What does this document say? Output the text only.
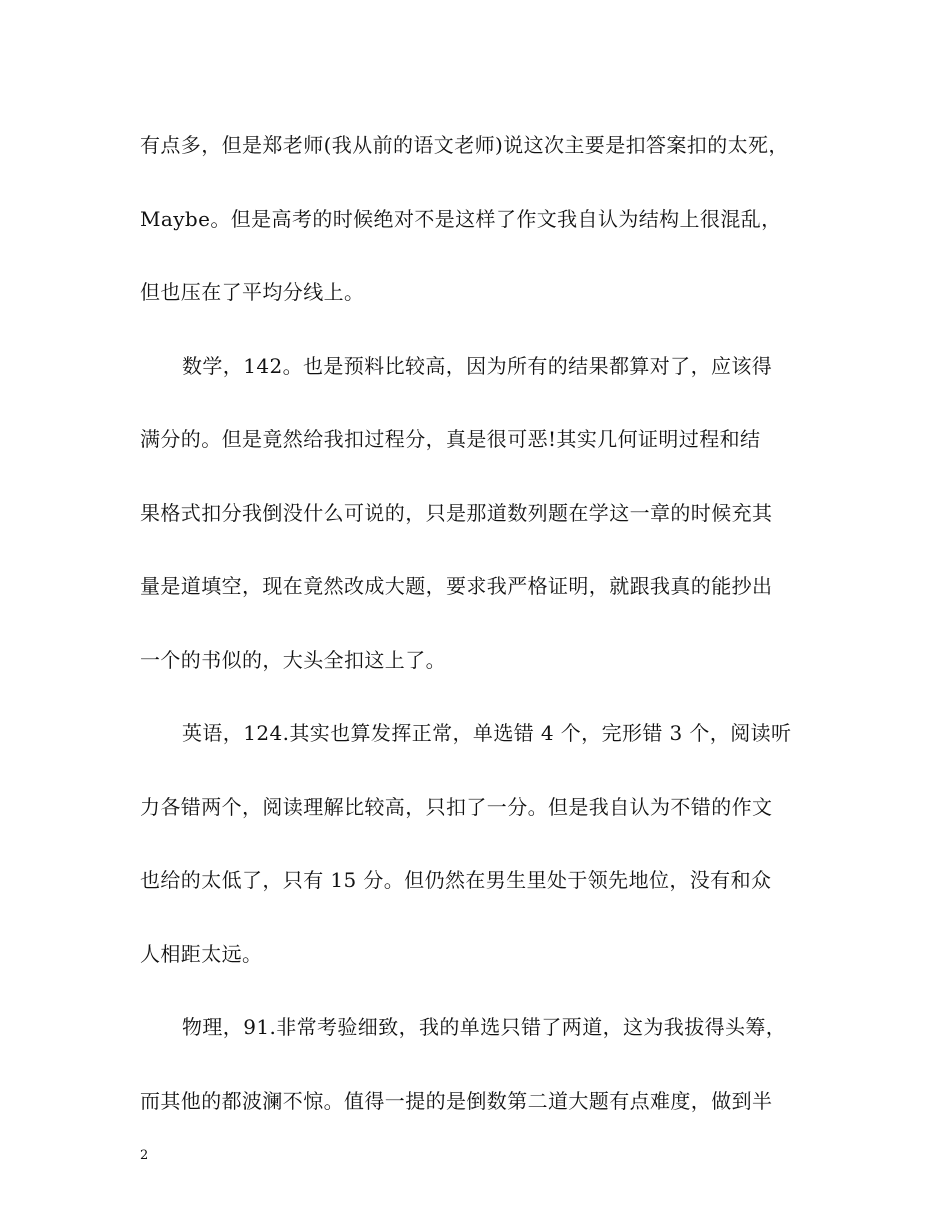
有点多，但是郑老师(我从前的语文老师)说这次主要是扣答案扣的太死，
Maybe。但是高考的时候绝对不是这样了作文我自认为结构上很混乱，
但也压在了平均分线上。
数学，142。也是预料比较高，因为所有的结果都算对了，应该得
满分的。但是竟然给我扣过程分，真是很可恶!其实几何证明过程和结
果格式扣分我倒没什么可说的，只是那道数列题在学这一章的时候充其
量是道填空，现在竟然改成大题，要求我严格证明，就跟我真的能抄出
一个的书似的，大头全扣这上了。
英语，124.其实也算发挥正常，单选错 4 个，完形错 3 个，阅读听
力各错两个，阅读理解比较高，只扣了一分。但是我自认为不错的作文
也给的太低了，只有 15 分。但仍然在男生里处于领先地位，没有和众
人相距太远。
物理，91.非常考验细致，我的单选只错了两道，这为我拔得头筹，
而其他的都波澜不惊。值得一提的是倒数第二道大题有点难度，做到半
2
